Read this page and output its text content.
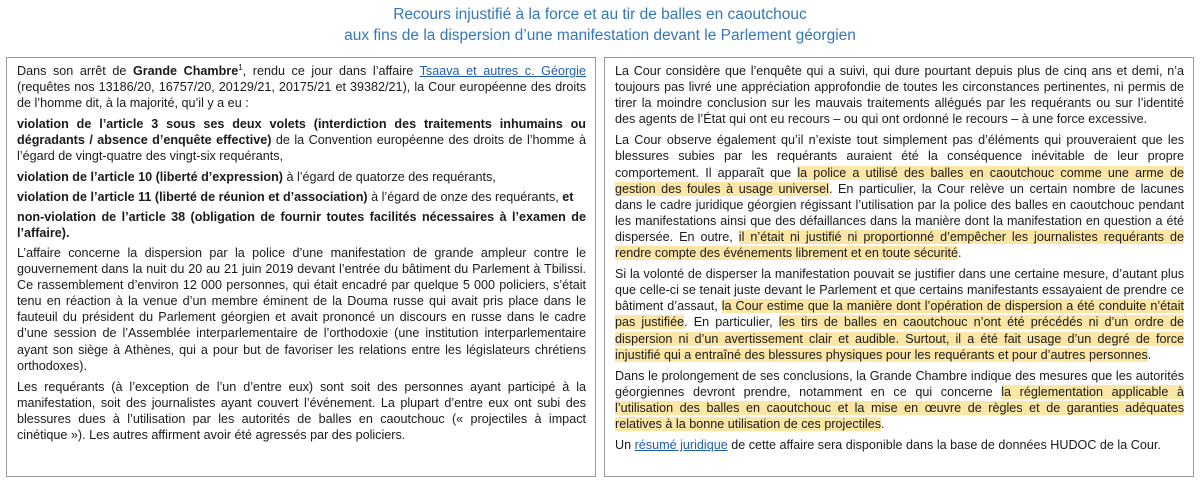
Recours injustifié à la force et au tir de balles en caoutchouc
aux fins de la dispersion d’une manifestation devant le Parlement géorgien

Dans son arrêt de Grande Chambre$^1$, rendu ce jour dans l’affaire Tsaava et autres c. Géorgie (requêtes nos 13186/20, 16757/20, 20129/21, 20175/21 et 39382/21), la Cour européenne des droits de l’homme dit, à la majorité, qu’il y a eu :

violation de l’article 3 sous ses deux volets (interdiction des traitements inhumains ou dégradants / absence d’enquête effective) de la Convention européenne des droits de l’homme à l’égard de vingt-quatre des vingt-six requérants,

violation de l’article 10 (liberté d’expression) à l’égard de quatorze des requérants,

violation de l’article 11 (liberté de réunion et d’association) à l’égard de onze des requérants, et

non-violation de l’article 38 (obligation de fournir toutes facilités nécessaires à l’examen de l’affaire).

L’affaire concerne la dispersion par la police d’une manifestation de grande ampleur contre le gouvernement dans la nuit du 20 au 21 juin 2019 devant l’entrée du bâtiment du Parlement à Tbilissi. Ce rassemblement d’environ 12 000 personnes, qui était encadré par quelque 5 000 policiers, s’était tenu en réaction à la venue d’un membre éminent de la Douma russe qui avait pris place dans le fauteuil du président du Parlement géorgien et avait prononcé un discours en russe dans le cadre d’une session de l’Assemblée interparlementaire de l’orthodoxie (une institution interparlementaire ayant son siège à Athènes, qui a pour but de favoriser les relations entre les législateurs chrétiens orthodoxes).

Les requérants (à l’exception de l’un d’entre eux) sont soit des personnes ayant participé à la manifestation, soit des journalistes ayant couvert l’événement. La plupart d’entre eux ont subi des blessures dues à l’utilisation par les autorités de balles en caoutchouc (« projectiles à impact cinétique »). Les autres affirment avoir été agressés par des policiers.

La Cour considère que l’enquête qui a suivi, qui dure pourtant depuis plus de cinq ans et demi, n’a toujours pas livré une appréciation approfondie de toutes les circonstances pertinentes, ni permis de tirer la moindre conclusion sur les mauvais traitements allégués par les requérants ou sur l’identité des agents de l’État qui ont eu recours – ou qui ont ordonné le recours – à une force excessive.

La Cour observe également qu’il n’existe tout simplement pas d’éléments qui prouveraient que les blessures subies par les requérants auraient été la conséquence inévitable de leur propre comportement. Il apparaît que la police a utilisé des balles en caoutchouc comme une arme de gestion des foules à usage universel. En particulier, la Cour relève un certain nombre de lacunes dans le cadre juridique géorgien régissant l’utilisation par la police des balles en caoutchouc pendant les manifestations ainsi que des défaillances dans la manière dont la manifestation en question a été dispersée. En outre, il n’était ni justifié ni proportionné d’empêcher les journalistes requérants de rendre compte des événements librement et en toute sécurité.

Si la volonté de disperser la manifestation pouvait se justifier dans une certaine mesure, d’autant plus que celle-ci se tenait juste devant le Parlement et que certains manifestants essayaient de prendre ce bâtiment d’assaut, la Cour estime que la manière dont l’opération de dispersion a été conduite n’était pas justifiée. En particulier, les tirs de balles en caoutchouc n’ont été précédés ni d’un ordre de dispersion ni d’un avertissement clair et audible. Surtout, il a été fait usage d’un degré de force injustifié qui a entraîné des blessures physiques pour les requérants et pour d’autres personnes.

Dans le prolongement de ses conclusions, la Grande Chambre indique des mesures que les autorités géorgiennes devront prendre, notamment en ce qui concerne la réglementation applicable à l’utilisation des balles en caoutchouc et la mise en œuvre de règles et de garanties adéquates relatives à la bonne utilisation de ces projectiles.

Un résumé juridique de cette affaire sera disponible dans la base de données HUDOC de la Cour.
